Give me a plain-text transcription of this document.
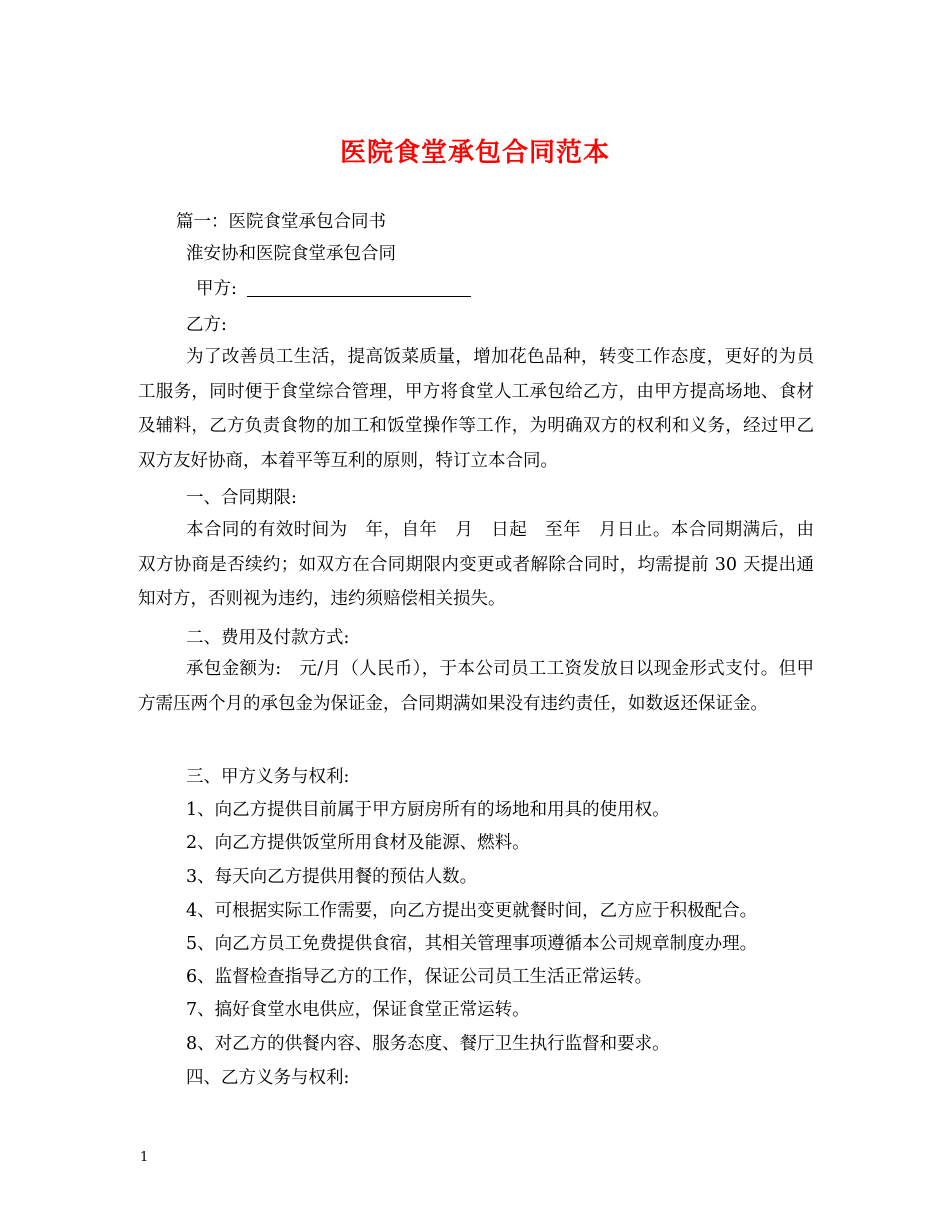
医院食堂承包合同范本
篇一：医院食堂承包合同书
淮安协和医院食堂承包合同
甲方:
乙方:
为了改善员工生活，提高饭菜质量，增加花色品种，转变工作态度，更好的为员工服务，同时便于食堂综合管理，甲方将食堂人工承包给乙方，由甲方提高场地、食材及辅料，乙方负责食物的加工和饭堂操作等工作，为明确双方的权利和义务，经过甲乙双方友好协商，本着平等互利的原则，特订立本合同。
一、合同期限:
本合同的有效时间为　年，自年　月　日起　至年　月日止。本合同期满后，由双方协商是否续约；如双方在合同期限内变更或者解除合同时，均需提前 30 天提出通知对方，否则视为违约，违约须赔偿相关损失。
二、费用及付款方式:
承包金额为:　元/月（人民币），于本公司员工工资发放日以现金形式支付。但甲方需压两个月的承包金为保证金，合同期满如果没有违约责任，如数返还保证金。
三、甲方义务与权利:
1、向乙方提供目前属于甲方厨房所有的场地和用具的使用权。
2、向乙方提供饭堂所用食材及能源、燃料。
3、每天向乙方提供用餐的预估人数。
4、可根据实际工作需要，向乙方提出变更就餐时间，乙方应于积极配合。
5、向乙方员工免费提供食宿，其相关管理事项遵循本公司规章制度办理。
6、监督检查指导乙方的工作，保证公司员工生活正常运转。
7、搞好食堂水电供应，保证食堂正常运转。
8、对乙方的供餐内容、服务态度、餐厅卫生执行监督和要求。
四、乙方义务与权利:
1
